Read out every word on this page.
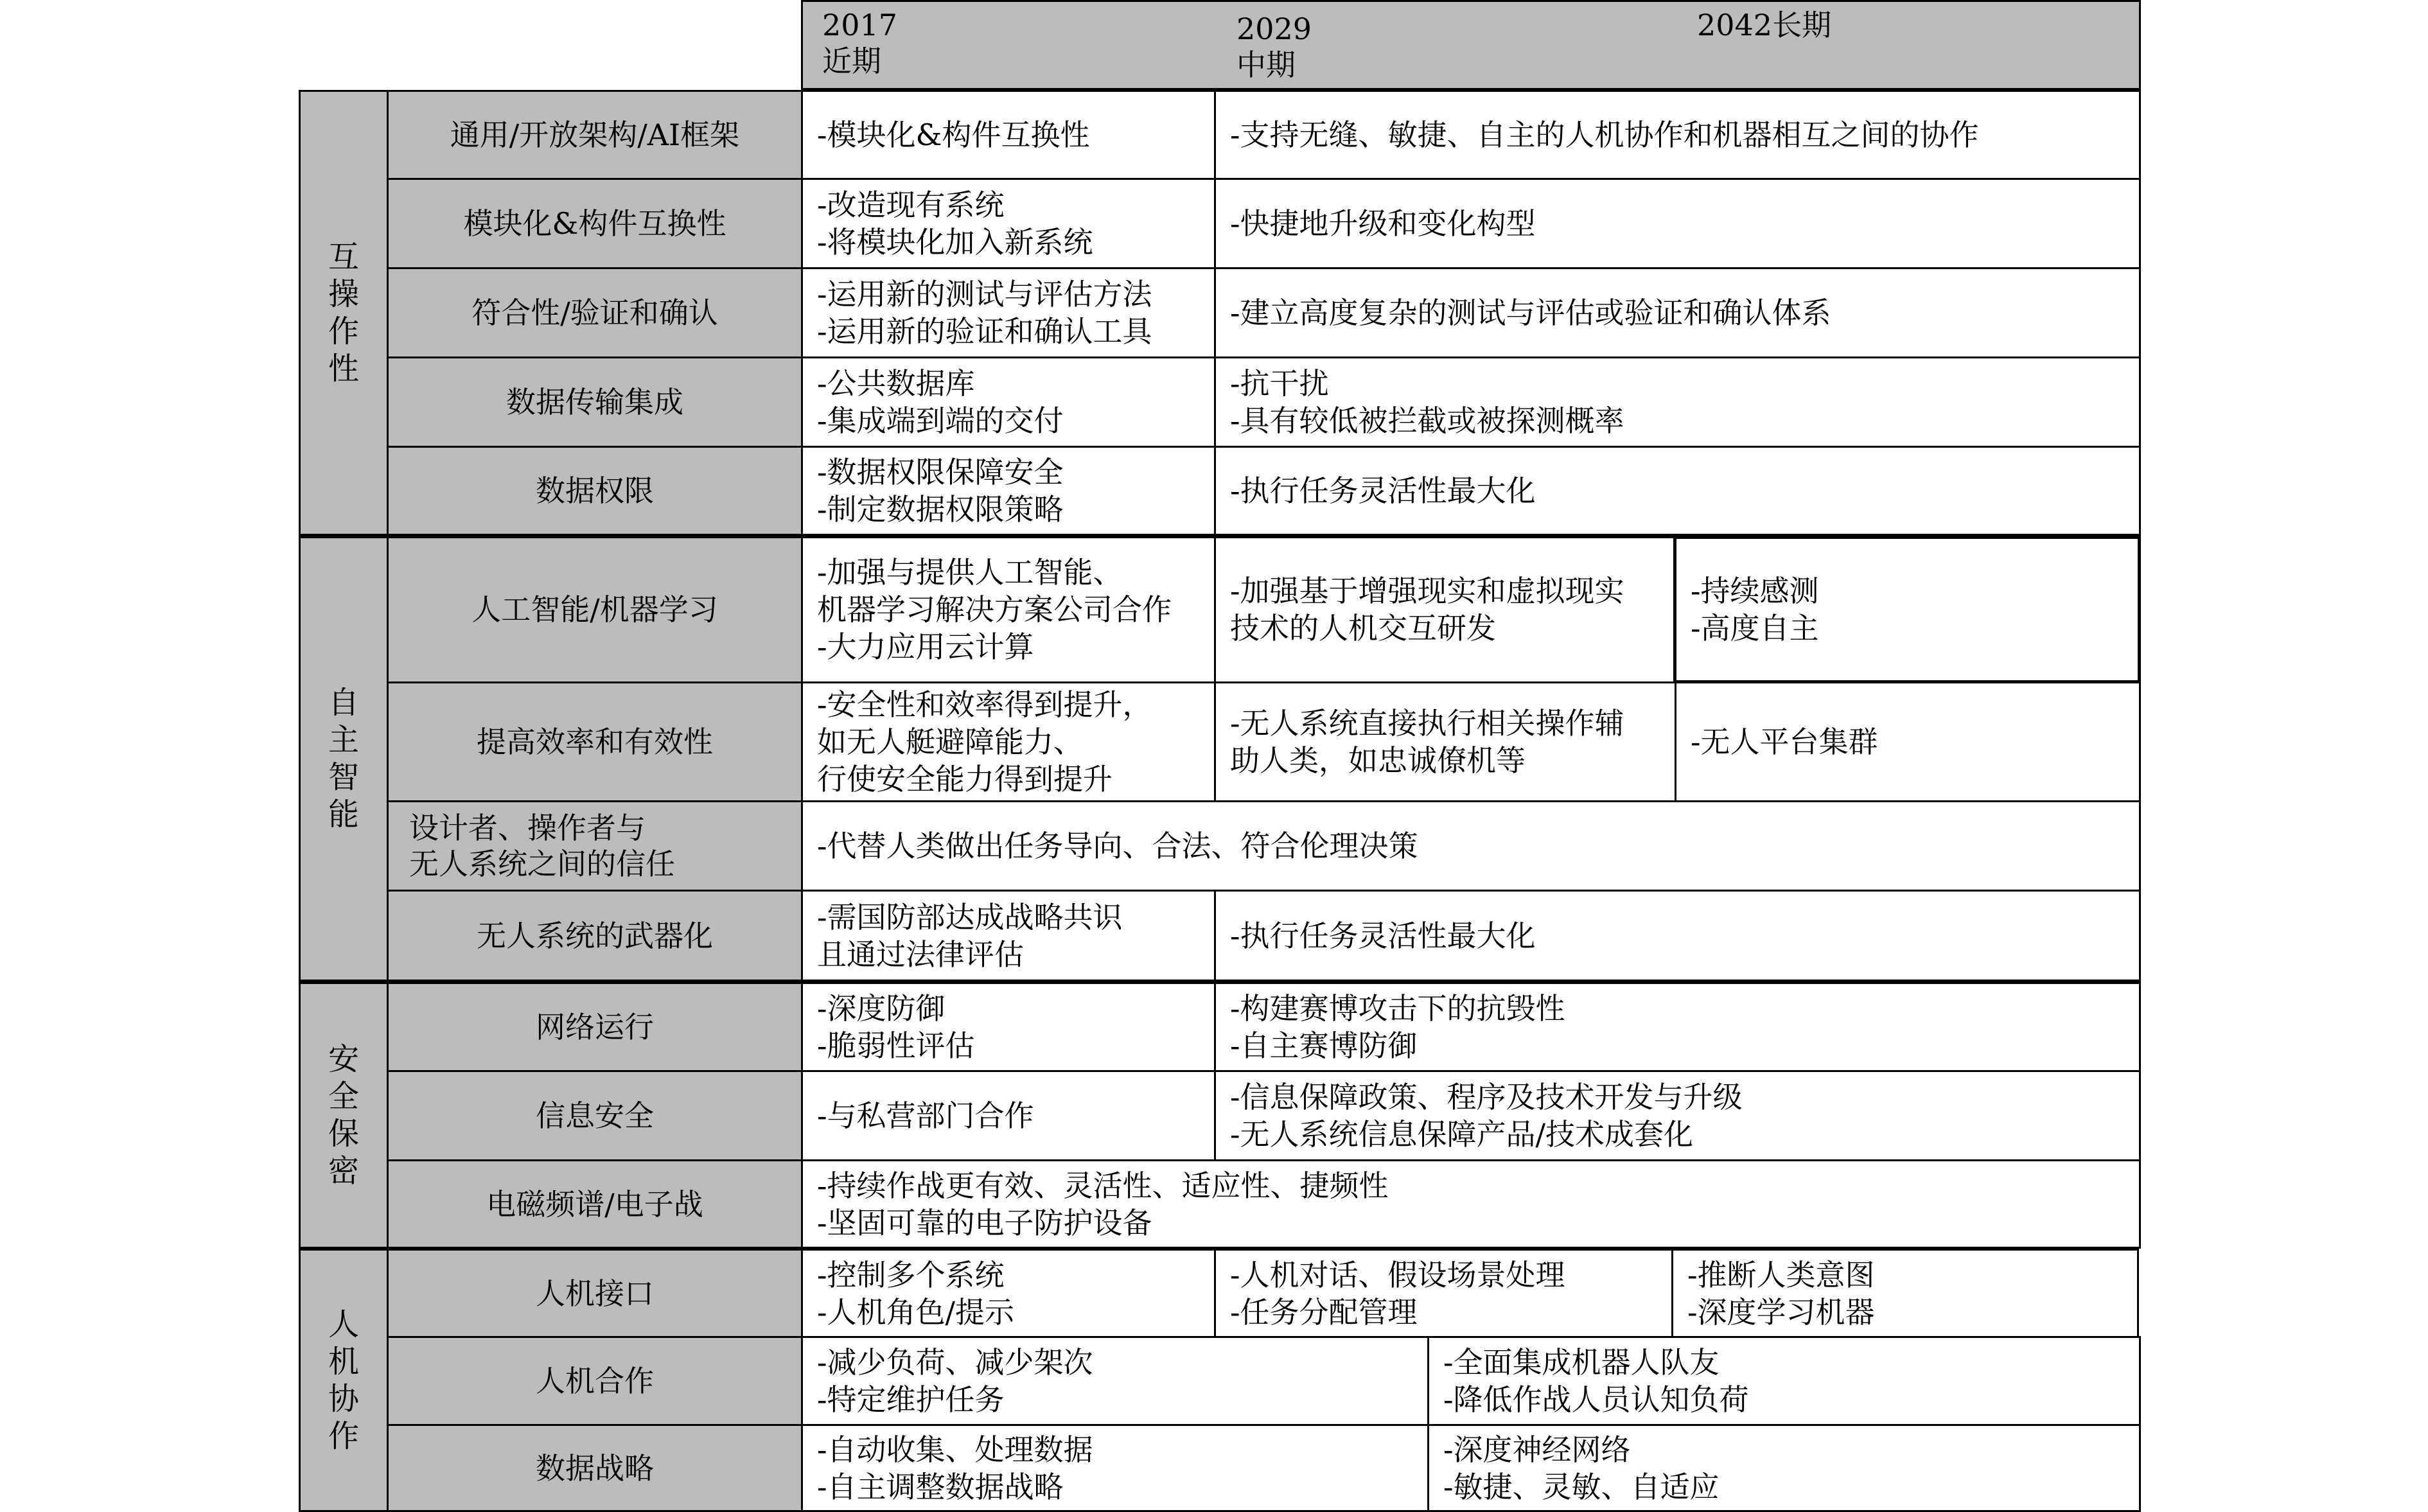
2017
近期
2029
中期
2042长期
互操作性
自主智能
安全保密
人机协作
通用/开放架构/AI框架
模块化&构件互换性
符合性/验证和确认
数据传输集成
数据权限
人工智能/机器学习
提高效率和有效性
设计者、操作者与
无人系统之间的信任
无人系统的武器化
网络运行
信息安全
电磁频谱/电子战
人机接口
人机合作
数据战略
-模块化&构件互换性	-支持无缝、敏捷、自主的人机协作和机器相互之间的协作
-改造现有系统
-将模块化加入新系统
-快捷地升级和变化构型
-运用新的测试与评估方法
-运用新的验证和确认工具
-建立高度复杂的测试与评估或验证和确认体系
-公共数据库
-集成端到端的交付
-抗干扰
-具有较低被拦截或被探测概率
-数据权限保障安全
-制定数据权限策略
-执行任务灵活性最大化
-加强与提供人工智能、
机器学习解决方案公司合作
-大力应用云计算
-加强基于增强现实和虚拟现实
技术的人机交互研发
-持续感测
-高度自主
-安全性和效率得到提升，
如无人艇避障能力、
行使安全能力得到提升
-无人系统直接执行相关操作辅
助人类，如忠诚僚机等
-无人平台集群
-代替人类做出任务导向、合法、符合伦理决策
-需国防部达成战略共识
且通过法律评估
-执行任务灵活性最大化
-深度防御
-脆弱性评估
-构建赛博攻击下的抗毁性
-自主赛博防御
-与私营部门合作
-信息保障政策、程序及技术开发与升级
-无人系统信息保障产品/技术成套化
-持续作战更有效、灵活性、适应性、捷频性
-坚固可靠的电子防护设备
-控制多个系统
-人机角色/提示
-人机对话、假设场景处理
-任务分配管理
-推断人类意图
-深度学习机器
-减少负荷、减少架次
-特定维护任务
-全面集成机器人队友
-降低作战人员认知负荷
-自动收集、处理数据
-自主调整数据战略
-深度神经网络
-敏捷、灵敏、自适应
